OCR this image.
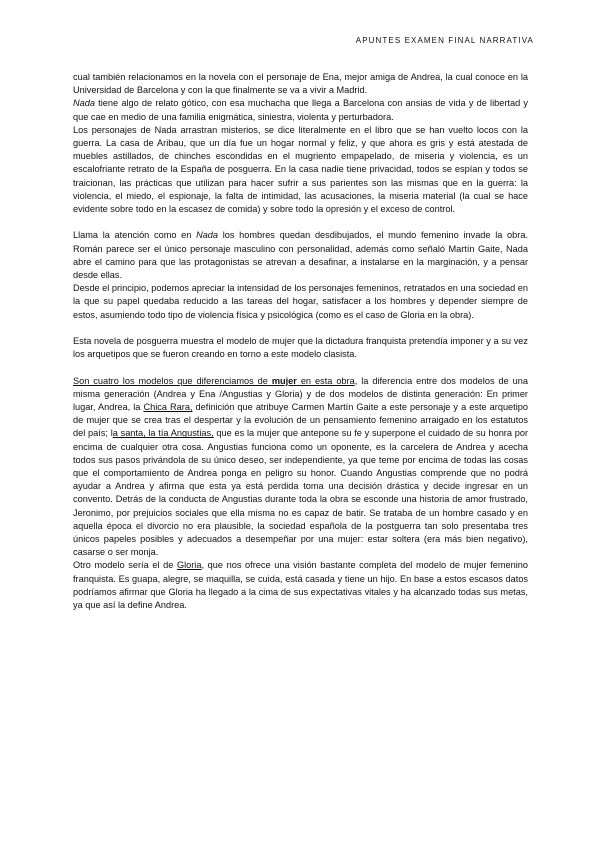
APUNTES EXAMEN FINAL NARRATIVA

cual también relacionamos en la novela con el personaje de Ena, mejor amiga de Andrea, la cual conoce en la Universidad de Barcelona y con la que finalmente se va a vivir a Madrid.

Nada tiene algo de relato gótico, con esa muchacha que llega a Barcelona con ansias de vida y de libertad y que cae en medio de una familia enigmática, siniestra, violenta y perturbadora.

Los personajes de Nada arrastran misterios, se dice literalmente en el libro que se han vuelto locos con la guerra. La casa de Aribau, que un día fue un hogar normal y feliz, y que ahora es gris y está atestada de muebles astillados, de chinches escondidas en el mugriento empapelado, de miseria y violencia, es un escalofriante retrato de la España de posguerra. En la casa nadie tiene privacidad, todos se espían y todos se traicionan, las prácticas que utilizan para hacer sufrir a sus parientes son las mismas que en la guerra: la violencia, el miedo, el espionaje, la falta de intimidad, las acusaciones, la miseria material (la cual se hace evidente sobre todo en la escasez de comida) y sobre todo la opresión y el exceso de control.

Llama la atención como en Nada los hombres quedan desdibujados, el mundo femenino invade la obra. Román parece ser el único personaje masculino con personalidad, además como señaló Martín Gaite, Nada abre el camino para que las protagonistas se atrevan a desafinar, a instalarse en la marginación, y a pensar desde ellas.

Desde el principio, podemos apreciar la intensidad de los personajes femeninos, retratados en una sociedad en la que su papel quedaba reducido a las tareas del hogar, satisfacer a los hombres y depender siempre de estos, asumiendo todo tipo de violencia física y psicológica (como es el caso de Gloria en la obra).

Esta novela de posguerra muestra el modelo de mujer que la dictadura franquista pretendía imponer y a su vez los arquetipos que se fueron creando en torno a este modelo clasista.

Son cuatro los modelos que diferenciamos de mujer en esta obra, la diferencia entre dos modelos de una misma generación (Andrea y Ena /Angustias y Gloria) y de dos modelos de distinta generación: En primer lugar, Andrea, la Chica Rara, definición que atribuye Carmen Martín Gaite a este personaje y a este arquetipo de mujer que se crea tras el despertar y la evolución de un pensamiento femenino arraigado en los estatutos del país; la santa, la tía Angustias, que es la mujer que antepone su fe y superpone el cuidado de su honra por encima de cualquier otra cosa. Angustias funciona como un oponente, es la carcelera de Andrea y acecha todos sus pasos privándola de su único deseo, ser independiente, ya que teme por encima de todas las cosas que el comportamiento de Andrea ponga en peligro su honor. Cuando Angustias comprende que no podrá ayudar a Andrea y afirma que esta ya está perdida toma una decisión drástica y decide ingresar en un convento. Detrás de la conducta de Angustias durante toda la obra se esconde una historia de amor frustrado, Jeronimo, por prejuicios sociales que ella misma no es capaz de batir. Se trataba de un hombre casado y en aquella época el divorcio no era plausible, la sociedad española de la postguerra tan solo presentaba tres únicos papeles posibles y adecuados a desempeñar por una mujer: estar soltera (era más bien negativo), casarse o ser monja.

Otro modelo sería el de Gloria, que nos ofrece una visión bastante completa del modelo de mujer femenino franquista. Es guapa, alegre, se maquilla, se cuida, está casada y tiene un hijo. En base a estos escasos datos podríamos afirmar que Gloria ha llegado a la cima de sus expectativas vitales y ha alcanzado todas sus metas, ya que así la define Andrea.
